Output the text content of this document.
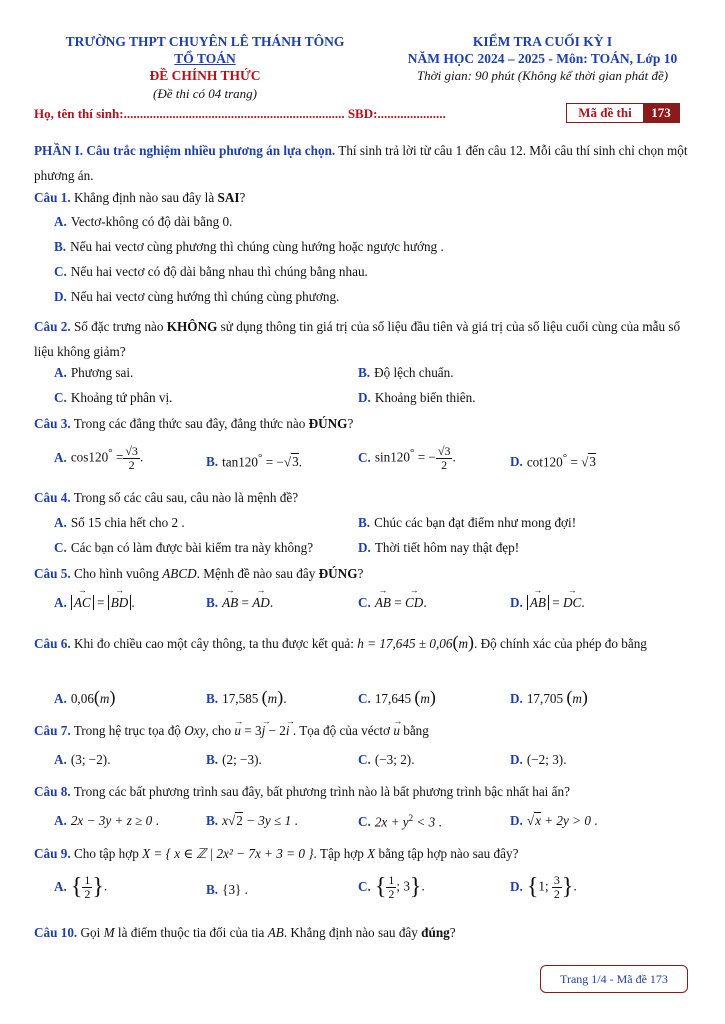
TRƯỜNG THPT CHUYÊN LÊ THÁNH TÔNG
TỔ TOÁN
ĐỀ CHÍNH THỨC
(Đề thi có 04 trang)
KIỂM TRA CUỐI KỲ I
NĂM HỌC 2024 – 2025 - Môn: TOÁN, Lớp 10
Thời gian: 90 phút (Không kể thời gian phát đề)
Họ, tên thí sinh:.................................................................... SBD:.....................	Mã đề thi	173
PHẦN I. Câu trắc nghiệm nhiều phương án lựa chọn. Thí sinh trả lời từ câu 1 đến câu 12. Mỗi câu thí sinh chỉ chọn một phương án.
Câu 1. Khẳng định nào sau đây là SAI?
A. Vectơ-không có độ dài bằng 0.
B. Nếu hai vectơ cùng phương thì chúng cùng hướng hoặc ngược hướng .
C. Nếu hai vectơ có độ dài bằng nhau thì chúng bằng nhau.
D. Nếu hai vectơ cùng hướng thì chúng cùng phương.
Câu 2. Số đặc trưng nào KHÔNG sử dụng thông tin giá trị của số liệu đầu tiên và giá trị của số liệu cuối cùng của mẫu số liệu không giảm?
A. Phương sai.	B. Độ lệch chuẩn.
C. Khoảng tứ phân vị.	D. Khoảng biến thiên.
Câu 3. Trong các đẳng thức sau đây, đẳng thức nào ĐÚNG?
A. $\cos 120^\circ = \frac{√3}{2}$ .	B. tan120° = −√3.	C. sin120° = − $\frac{√3}{2}$ .	D. cot120° = √3
Câu 4. Trong số các câu sau, câu nào là mệnh đề?
A. Số 15 chia hết cho 2 .	B. Chúc các bạn đạt điểm như mong đợi!
C. Các bạn có làm được bài kiểm tra này không?	D. Thời tiết hôm nay thật đẹp!
Câu 5. Cho hình vuông ABCD. Mệnh đề nào sau đây ĐÚNG?
A. → AC = → BD .	B. → AB = → AD.	C. → AB = → CD.	D. → AB = → DC.
Câu 6. Khi đo chiều cao một cây thông, ta thu được kết quả: h = 17,645 ± 0,06(m). Độ chính xác của phép đo bằng
A. 0,06(m)	B. 17,585 (m).	C. 17,645 (m)	D. 17,705 (m)
Câu 7. Trong hệ trục tọa độ Oxy, cho → u = 3→ j − 2→ i . Tọa độ của véctơ → u bằng
A. (3; −2).	B. (2; −3).	C. (−3; 2).	D. (−2; 3).
Câu 8. Trong các bất phương trình sau đây, bất phương trình nào là bất phương trình bậc nhất hai ẩn?
A. 2x − 3y + z ≥ 0 .	B. x√2 − 3y ≤ 1 .	C. $2x + y^2 < 3$ .	D. √x + 2y > 0 .
Câu 9. Cho tập hợp X = { x ∈ ℤ | 2x² − 7x + 3 = 0 }. Tập hợp X bằng tập hợp nào sau đây?
A. { $\frac{1}{2}$ }.	B. {3} .	C. { $\frac{1}{2}$ ; 3}.	D. {1; $\frac{3}{2}$ }.
Câu 10. Gọi M là điểm thuộc tia đối của tia AB. Khẳng định nào sau đây đúng?
Trang 1/4 - Mã đề 173
